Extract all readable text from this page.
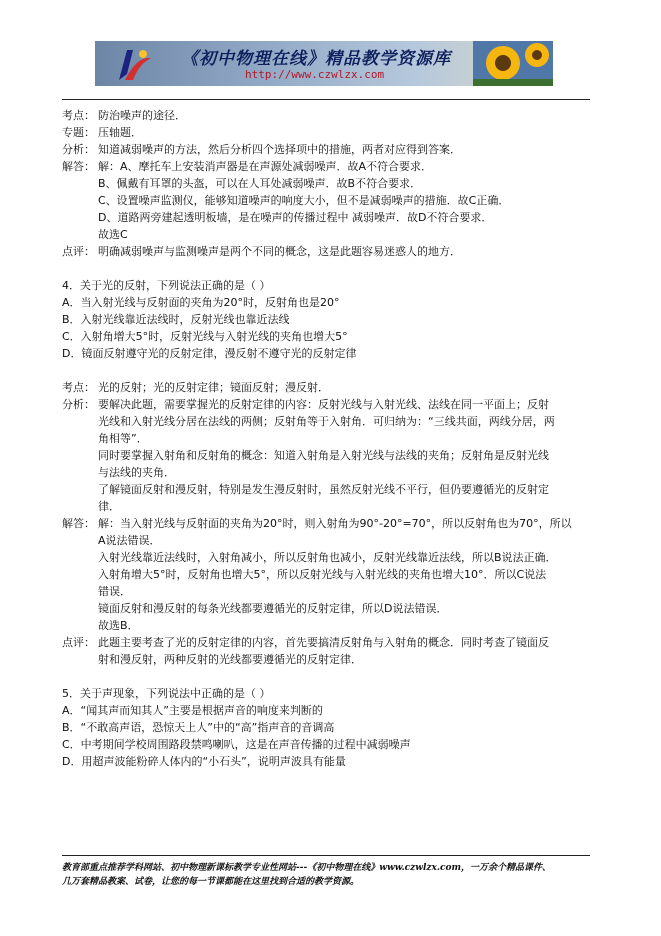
《初中物理在线》精品教学资源库
http://www.czwlzx.com
考点： 防治噪声的途径．
专题： 压轴题．
分析： 知道减弱噪声的方法，然后分析四个选择项中的措施，两者对应得到答案．
解答： 解：A、摩托车上安装消声器是在声源处减弱噪声．故A不符合要求．
B、佩戴有耳罩的头盔，可以在人耳处减弱噪声．故B不符合要求．
C、设置噪声监测仪，能够知道噪声的响度大小，但不是减弱噪声的措施．故C正确．
D、道路两旁建起透明板墙，是在噪声的传播过程中 减弱噪声．故D不符合要求．
故选C
点评： 明确减弱噪声与监测噪声是两个不同的概念，这是此题容易迷惑人的地方．
4．关于光的反射，下列说法正确的是（ ）
A．当入射光线与反射面的夹角为20°时，反射角也是20°
B．入射光线靠近法线时，反射光线也靠近法线
C．入射角增大5°时，反射光线与入射光线的夹角也增大5°
D．镜面反射遵守光的反射定律，漫反射不遵守光的反射定律
考点： 光的反射；光的反射定律；镜面反射；漫反射．
分析： 要解决此题，需要掌握光的反射定律的内容：反射光线与入射光线、法线在同一平面上；反射
光线和入射光线分居在法线的两侧；反射角等于入射角．可归纳为：“三线共面，两线分居，两
角相等”．
同时要掌握入射角和反射角的概念：知道入射角是入射光线与法线的夹角；反射角是反射光线
与法线的夹角．
了解镜面反射和漫反射，特别是发生漫反射时，虽然反射光线不平行，但仍要遵循光的反射定
律．
解答： 解：当入射光线与反射面的夹角为20°时，则入射角为90°-20°=70°，所以反射角也为70°，所以
A说法错误．
入射光线靠近法线时，入射角减小，所以反射角也减小，反射光线靠近法线，所以B说法正确．
入射角增大5°时，反射角也增大5°，所以反射光线与入射光线的夹角也增大10°．所以C说法
错误．
镜面反射和漫反射的每条光线都要遵循光的反射定律，所以D说法错误．
故选B．
点评： 此题主要考查了光的反射定律的内容，首先要搞清反射角与入射角的概念．同时考查了镜面反
射和漫反射，两种反射的光线都要遵循光的反射定律．
5．关于声现象，下列说法中正确的是（ ）
A．“闻其声而知其人”主要是根据声音的响度来判断的
B．“不敢高声语，恐惊天上人”中的“高”指声音的音调高
C．中考期间学校周围路段禁鸣喇叭，这是在声音传播的过程中减弱噪声
D．用超声波能粉碎人体内的“小石头”，说明声波具有能量
教育部重点推荐学科网站、初中物理新课标教学专业性网站---《初中物理在线》www.czwlzx.com，一万余个精品课件、
几万套精品教案、试卷，让您的每一节课都能在这里找到合适的教学资源。
